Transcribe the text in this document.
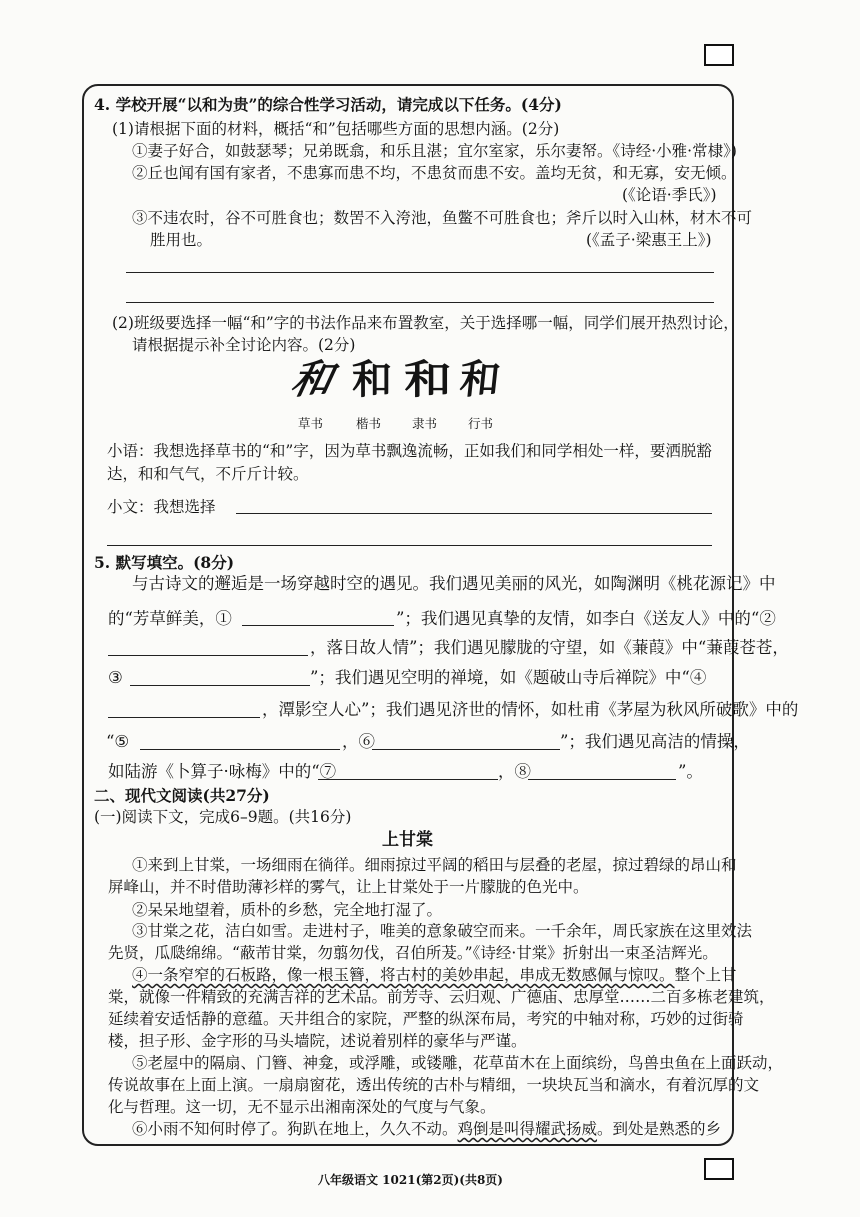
4. 学校开展“以和为贵”的综合性学习活动，请完成以下任务。(4分)
(1)请根据下面的材料，概括“和”包括哪些方面的思想内涵。(2分)
①妻子好合，如鼓瑟琴；兄弟既翕，和乐且湛；宜尔室家，乐尔妻帑。《诗经·小雅·常棣》)
②丘也闻有国有家者，不患寡而患不均，不患贫而患不安。盖均无贫，和无寡，安无倾。
(《论语·季氏》)
③不违农时，谷不可胜食也；数罟不入洿池，鱼鳖不可胜食也；斧斤以时入山林，材木不可
胜用也。	(《孟子·梁惠王上》)
(2)班级要选择一幅“和”字的书法作品来布置教室，关于选择哪一幅，同学们展开热烈讨论，
请根据提示补全讨论内容。(2分)
和 和 和 和
草书	楷书 隶书 行书
小语：我想选择草书的“和”字，因为草书飘逸流畅，正如我们和同学相处一样，要洒脱豁
达，和和气气，不斤斤计较。
小文：我想选择
5. 默写填空。(8分)
与古诗文的邂逅是一场穿越时空的遇见。我们遇见美丽的风光，如陶渊明《桃花源记》中
的“芳草鲜美，①	”；我们遇见真挚的友情，如李白《送友人》中的“②
，落日故人情”；我们遇见朦胧的守望，如《蒹葭》中“蒹葭苍苍，
③	”；我们遇见空明的禅境，如《题破山寺后禅院》中“④
，潭影空人心”；我们遇见济世的情怀，如杜甫《茅屋为秋风所破歌》中的
“⑤	，⑥	”；我们遇见高洁的情操，
如陆游《卜算子·咏梅》中的“⑦	，⑧	”。
二、现代文阅读(共27分)
(一)阅读下文，完成6–9题。(共16分)
上甘棠
①来到上甘棠，一场细雨在徜徉。细雨掠过平阔的稻田与层叠的老屋，掠过碧绿的昂山和
屏峰山，并不时借助薄衫样的雾气，让上甘棠处于一片朦胧的色光中。
②呆呆地望着，质朴的乡愁，完全地打湿了。
③甘棠之花，洁白如雪。走进村子，唯美的意象破空而来。一千余年，周氏家族在这里效法
先贤，瓜瓞绵绵。“蔽芾甘棠，勿翦勿伐，召伯所茇。”《诗经·甘棠》折射出一束圣洁辉光。
④一条窄窄的石板路，像一根玉簪，将古村的美妙串起，串成无数感佩与惊叹。整个上甘
棠，就像一件精致的充满吉祥的艺术品。前芳寺、云归观、广德庙、忠厚堂……二百多栋老建筑，
延续着安适恬静的意蕴。天井组合的家院，严整的纵深布局，考究的中轴对称，巧妙的过街骑
楼，担子形、金字形的马头墙院，述说着别样的豪华与严谨。
⑤老屋中的隔扇、门簪、神龛，或浮雕，或镂雕，花草苗木在上面缤纷，鸟兽虫鱼在上面跃动，
传说故事在上面上演。一扇扇窗花，透出传统的古朴与精细，一块块瓦当和滴水，有着沉厚的文
化与哲理。这一切，无不显示出湘南深处的气度与气象。
⑥小雨不知何时停了。狗趴在地上，久久不动。鸡倒是叫得耀武扬威。到处是熟悉的乡
八年级语文 1021(第2页)(共8页)
